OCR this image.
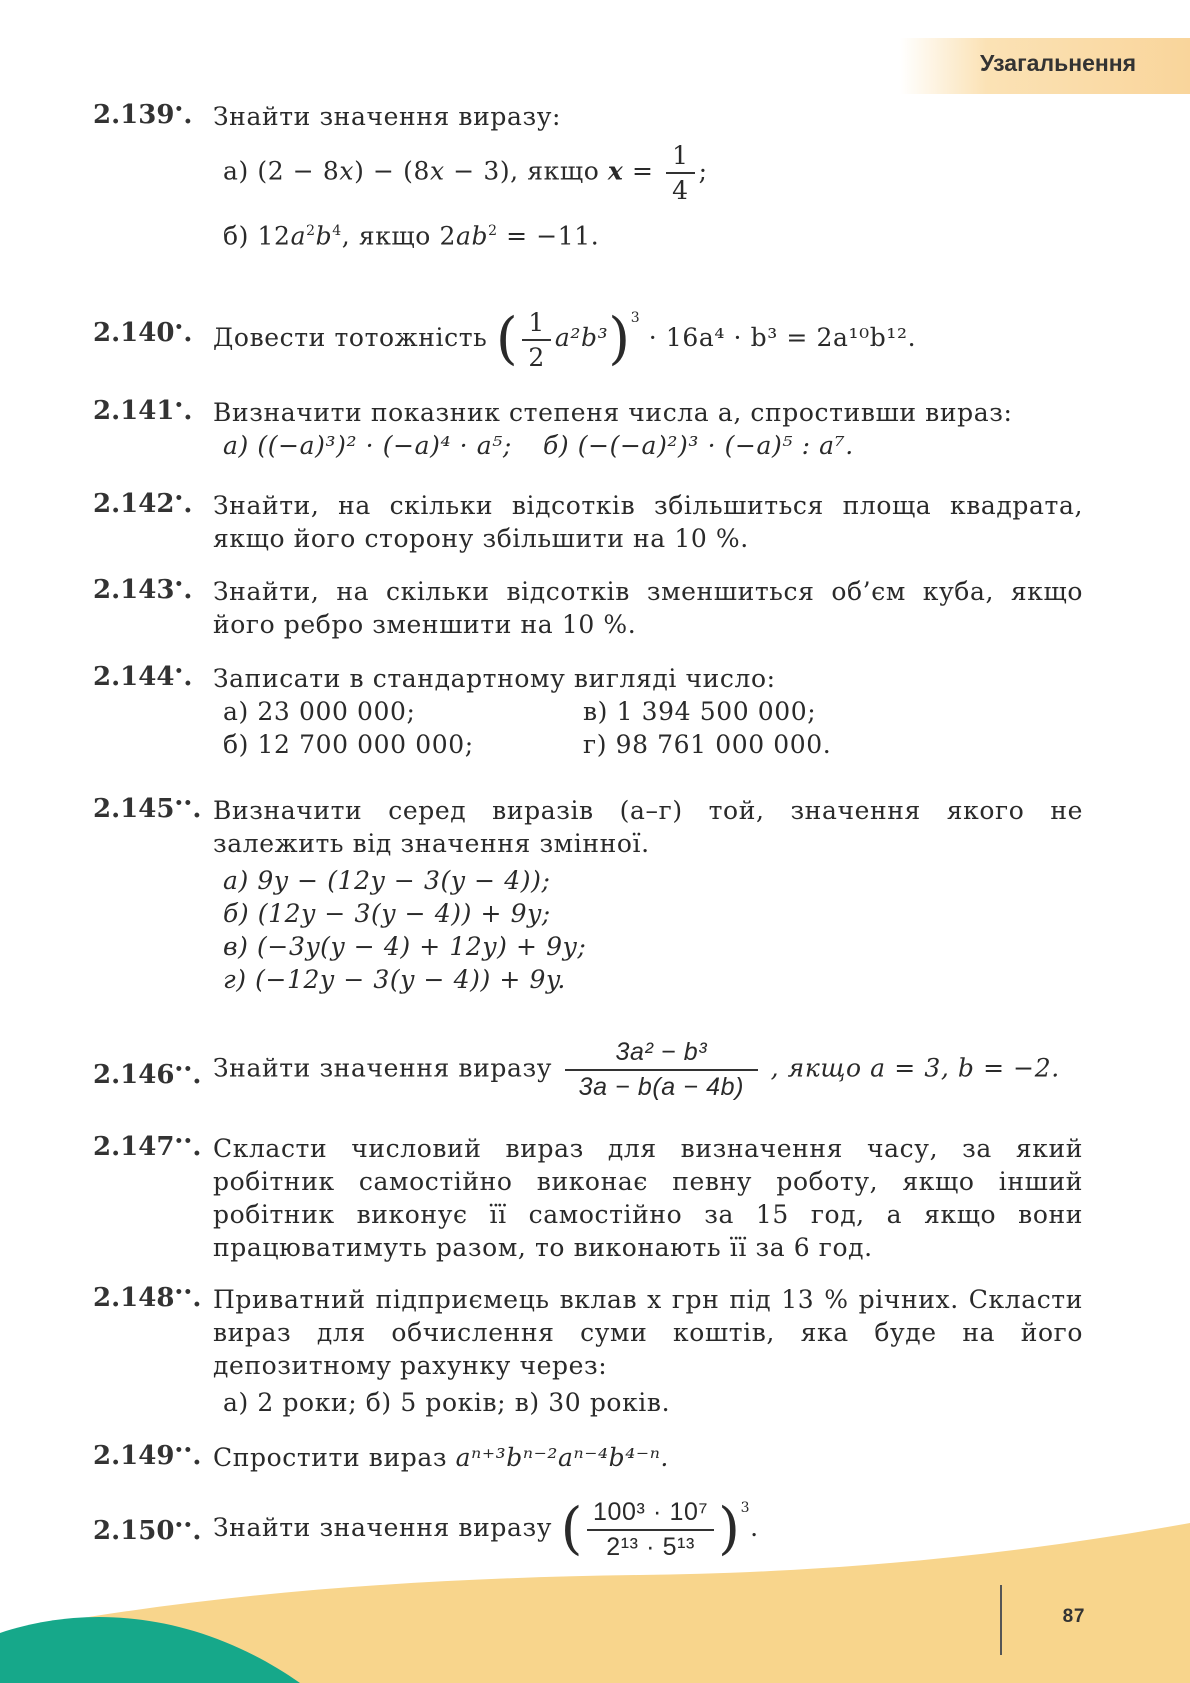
Узагальнення
2.139•. Знайти значення виразу:

а) (2 − 8x) − (8x − 3), якщо $x = \frac{1}{4}$ ;

б) $12a^2b^4$, якщо $2ab^2 = -11$.

2.140•. Довести тотожність ( $\frac{1}{2} a^2b^3)^3 \cdot 16a^4 \cdot b^3 = 2a^{10}b^{12}$.

2.141•. Визначити показник степеня числа a, спростивши вираз:

а) ((−a)³)² · (−a)⁴ · a⁵;	б) (−(−a)²)³ · (−a)⁵ : a⁷.
2.142•. Знайти, на скільки відсотків збільшиться площа квадрата, якщо його сторону збільшити на 10 %.

2.143•. Знайти, на скільки відсотків зменшиться об’єм куба, якщо його ребро зменшити на 10 %.

2.144•. Записати в стандартному вигляді число:

а) 23 000 000;	в) 1 394 500 000;
б) 12 700 000 000;	г) 98 761 000 000.
2.145••. Визначити серед виразів (а–г) той, значення якого не залежить від значення змінної.

а) 9y − (12y − 3(y − 4));

б) (12y − 3(y − 4)) + 9y;

в) (−3y(y − 4) + 12y) + 9y;

г) (−12y − 3(y − 4)) + 9y.

2.146••. Знайти значення виразу $\frac{\text{3a² − b³}}{3a - b(a - 4b)}$ , якщо a = 3, b = −2.

2.147••. Скласти числовий вираз для визначення часу, за який робітник самостійно виконає певну роботу, якщо інший робітник виконує її самостійно за 15 год, а якщо вони працюватимуть разом, то виконають її за 6 год.

2.148••. Приватний підприємець вклав x грн під 13 % річних. Скласти вираз для обчислення суми коштів, яка буде на його депозитному рахунку через:

а) 2 роки; б) 5 років; в) 30 років.

2.149••. Спростити вираз aⁿ⁺³bⁿ⁻²aⁿ⁻⁴b⁴⁻ⁿ.

2.150••. Знайти значення виразу ( $\frac{\text{100³ · 10⁷}}{\text{2¹³ · 5¹³}} )^3$.

87
